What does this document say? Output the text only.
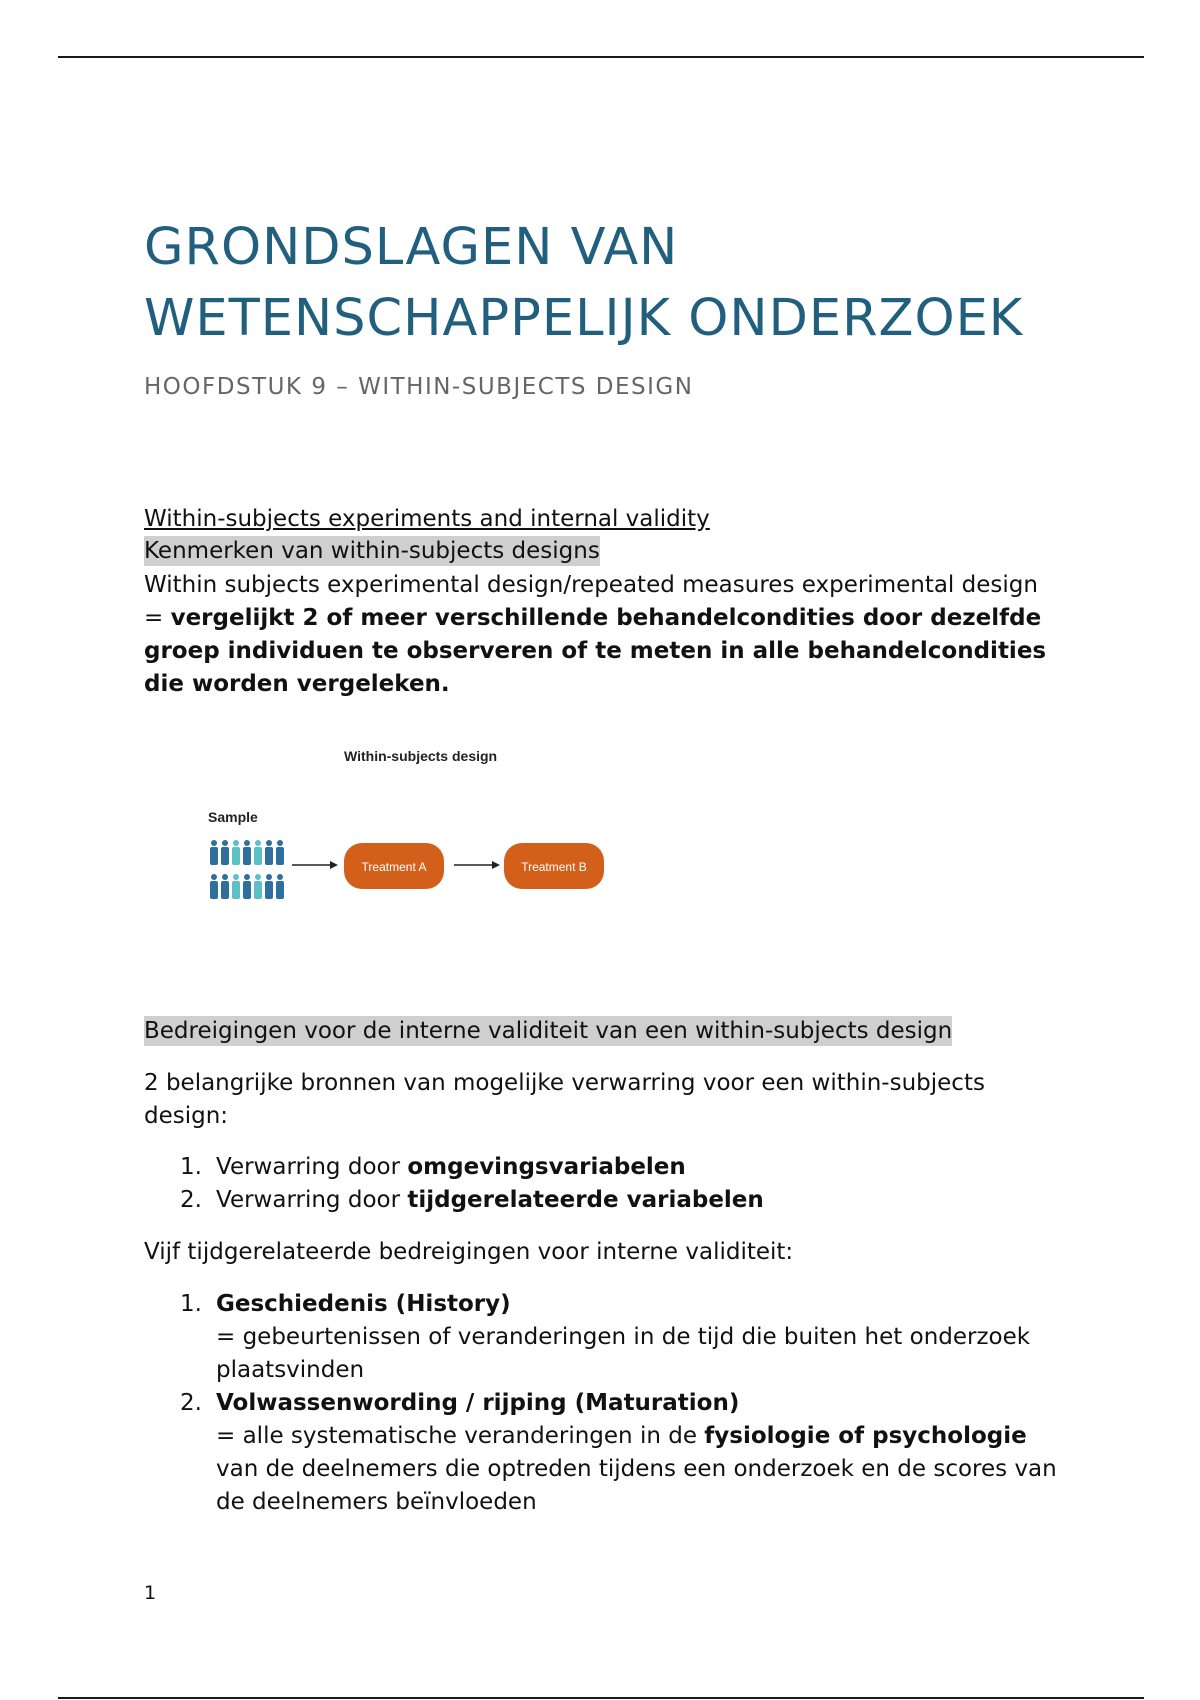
GRONDSLAGEN VAN
WETENSCHAPPELIJK ONDERZOEK
HOOFDSTUK 9 – WITHIN-SUBJECTS DESIGN
Within-subjects experiments and internal validity
Kenmerken van within-subjects designs
Within subjects experimental design/repeated measures experimental design = vergelijkt 2 of meer verschillende behandelcondities door dezelfde groep individuen te observeren of te meten in alle behandelcondities die worden vergeleken.
Within-subjects design
Sample
Treatment A	Treatment B
Bedreigingen voor de interne validiteit van een within-subjects design
2 belangrijke bronnen van mogelijke verwarring voor een within-subjects design:
1. Verwarring door omgevingsvariabelen
2. Verwarring door tijdgerelateerde variabelen
Vijf tijdgerelateerde bedreigingen voor interne validiteit:
1. Geschiedenis (History)
= gebeurtenissen of veranderingen in de tijd die buiten het onderzoek plaatsvinden
2. Volwassenwording / rijping (Maturation)
= alle systematische veranderingen in de fysiologie of psychologie van de deelnemers die optreden tijdens een onderzoek en de scores van de deelnemers beïnvloeden
1
